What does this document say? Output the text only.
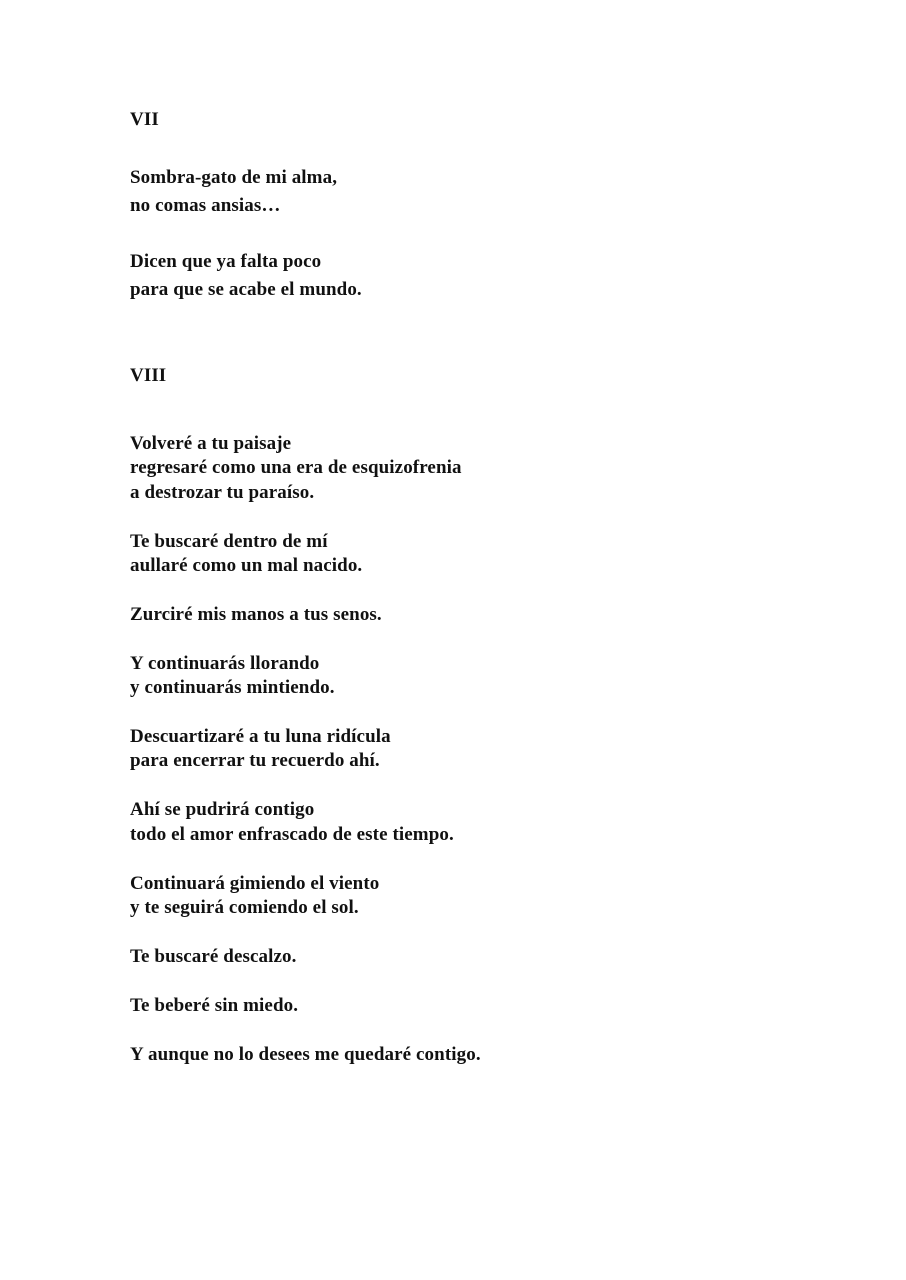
VII
Sombra-gato de mi alma,
no comas ansias…
Dicen que ya falta poco
para que se acabe el mundo.
VIII
Volveré a tu paisaje
regresaré como una era de esquizofrenia
a destrozar tu paraíso.
Te buscaré dentro de mí
aullaré como un mal nacido.
Zurciré mis manos a tus senos.
Y continuarás llorando
y continuarás mintiendo.
Descuartizaré a tu luna ridícula
para encerrar tu recuerdo ahí.
Ahí se pudrirá contigo
todo el amor enfrascado de este tiempo.
Continuará gimiendo el viento
y te seguirá comiendo el sol.
Te buscaré descalzo.
Te beberé sin miedo.
Y aunque no lo desees me quedaré contigo.
